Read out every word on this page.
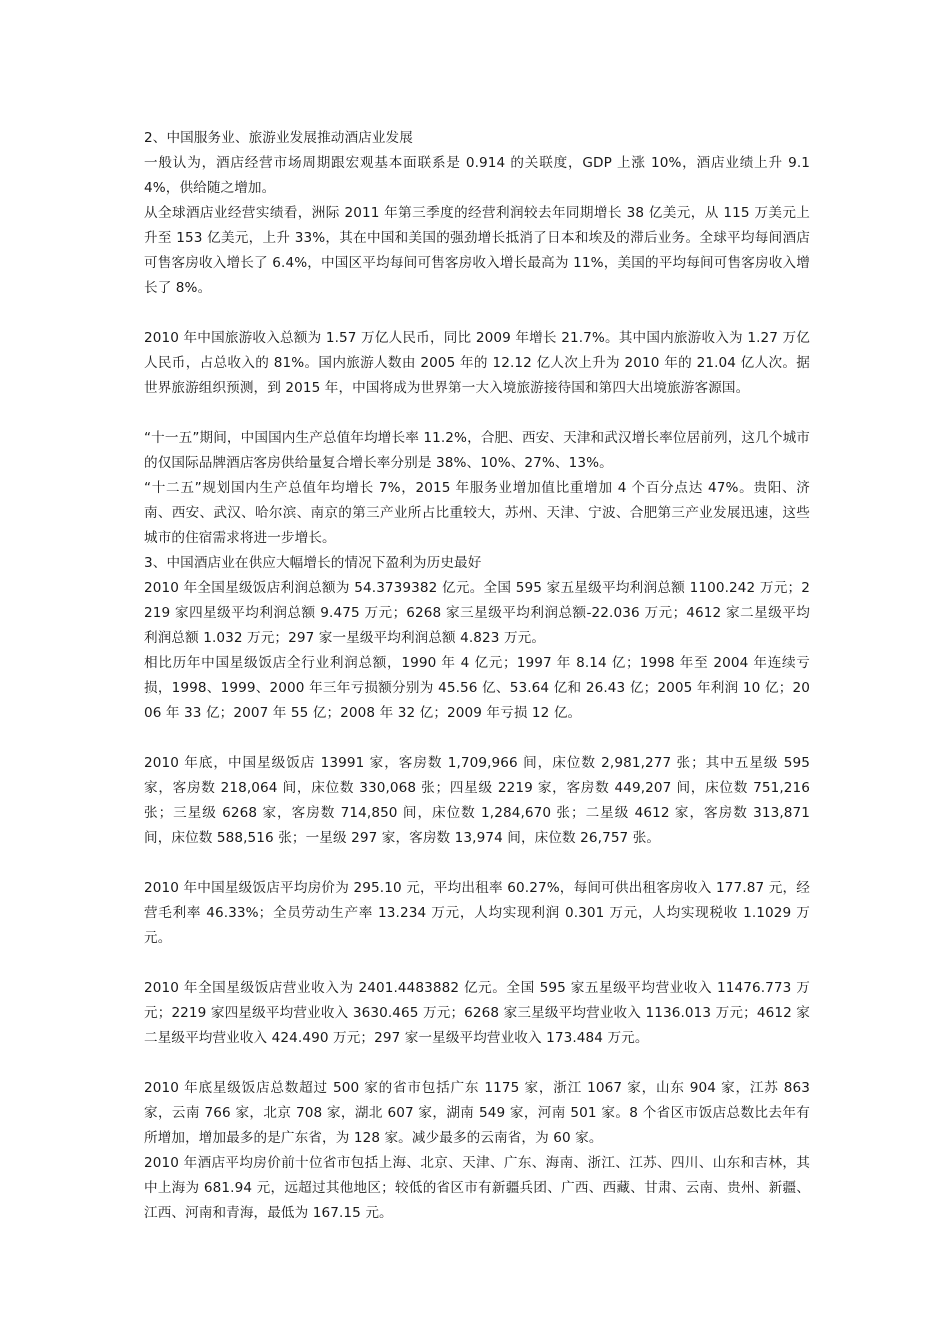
2、中国服务业、旅游业发展推动酒店业发展

一般认为，酒店经营市场周期跟宏观基本面联系是 0.914 的关联度，GDP 上涨 10%，酒店业绩上升 9.14%，供给随之增加。

从全球酒店业经营实绩看，洲际 2011 年第三季度的经营利润较去年同期增长 38 亿美元，从 115 万美元上升至 153 亿美元，上升 33%，其在中国和美国的强劲增长抵消了日本和埃及的滞后业务。全球平均每间酒店可售客房收入增长了 6.4%，中国区平均每间可售客房收入增长最高为 11%，美国的平均每间可售客房收入增长了 8%。

2010 年中国旅游收入总额为 1.57 万亿人民币，同比 2009 年增长 21.7%。其中国内旅游收入为 1.27 万亿人民币，占总收入的 81%。国内旅游人数由 2005 年的 12.12 亿人次上升为 2010 年的 21.04 亿人次。据世界旅游组织预测，到 2015 年，中国将成为世界第一大入境旅游接待国和第四大出境旅游客源国。

“十一五”期间，中国国内生产总值年均增长率 11.2%，合肥、西安、天津和武汉增长率位居前列，这几个城市的仅国际品牌酒店客房供给量复合增长率分别是 38%、10%、27%、13%。

“十二五”规划国内生产总值年均增长 7%，2015 年服务业增加值比重增加 4 个百分点达 47%。贵阳、济南、西安、武汉、哈尔滨、南京的第三产业所占比重较大，苏州、天津、宁波、合肥第三产业发展迅速，这些城市的住宿需求将进一步增长。

3、中国酒店业在供应大幅增长的情况下盈利为历史最好

2010 年全国星级饭店利润总额为 54.3739382 亿元。全国 595 家五星级平均利润总额 1100.242 万元；2219 家四星级平均利润总额 9.475 万元；6268 家三星级平均利润总额-22.036 万元；4612 家二星级平均利润总额 1.032 万元；297 家一星级平均利润总额 4.823 万元。

相比历年中国星级饭店全行业利润总额，1990 年 4 亿元；1997 年 8.14 亿；1998 年至 2004 年连续亏损，1998、1999、2000 年三年亏损额分别为 45.56 亿、53.64 亿和 26.43 亿；2005 年利润 10 亿；2006 年 33 亿；2007 年 55 亿；2008 年 32 亿；2009 年亏损 12 亿。

2010 年底，中国星级饭店 13991 家，客房数 1,709,966 间，床位数 2,981,277 张；其中五星级 595 家，客房数 218,064 间，床位数 330,068 张；四星级 2219 家，客房数 449,207 间，床位数 751,216 张；三星级 6268 家，客房数 714,850 间，床位数 1,284,670 张；二星级 4612 家，客房数 313,871 间，床位数 588,516 张；一星级 297 家，客房数 13,974 间，床位数 26,757 张。

2010 年中国星级饭店平均房价为 295.10 元，平均出租率 60.27%，每间可供出租客房收入 177.87 元，经营毛利率 46.33%；全员劳动生产率 13.234 万元，人均实现利润 0.301 万元，人均实现税收 1.1029 万元。

2010 年全国星级饭店营业收入为 2401.4483882 亿元。全国 595 家五星级平均营业收入 11476.773 万元；2219 家四星级平均营业收入 3630.465 万元；6268 家三星级平均营业收入 1136.013 万元；4612 家二星级平均营业收入 424.490 万元；297 家一星级平均营业收入 173.484 万元。

2010 年底星级饭店总数超过 500 家的省市包括广东 1175 家，浙江 1067 家，山东 904 家，江苏 863 家，云南 766 家，北京 708 家，湖北 607 家，湖南 549 家，河南 501 家。8 个省区市饭店总数比去年有所增加，增加最多的是广东省，为 128 家。减少最多的云南省，为 60 家。

2010 年酒店平均房价前十位省市包括上海、北京、天津、广东、海南、浙江、江苏、四川、山东和吉林，其中上海为 681.94 元，远超过其他地区；较低的省区市有新疆兵团、广西、西藏、甘肃、云南、贵州、新疆、江西、河南和青海，最低为 167.15 元。
